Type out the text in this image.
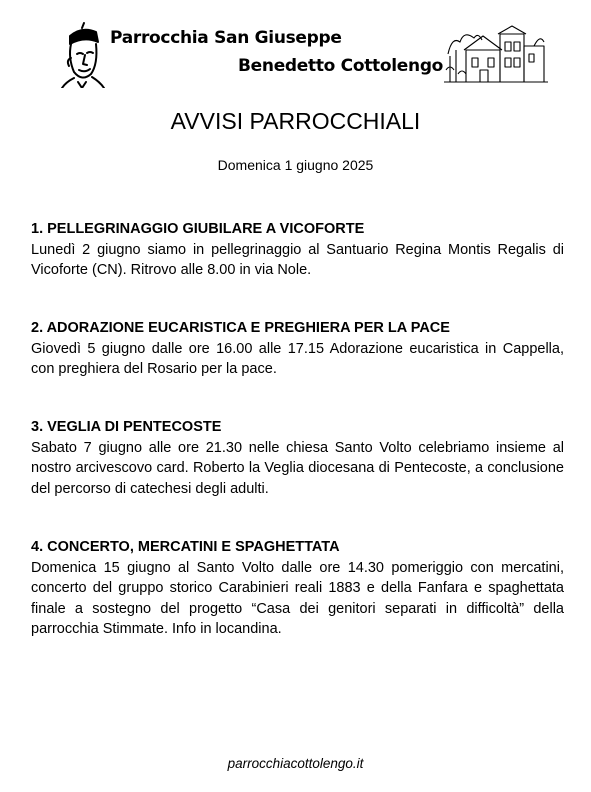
Parrocchia San Giuseppe
Benedetto Cottolengo
AVVISI PARROCCHIALI
Domenica 1 giugno 2025
1. PELLEGRINAGGIO GIUBILARE A VICOFORTE
Lunedì 2 giugno siamo in pellegrinaggio al Santuario Regina Montis Regalis di Vicoforte (CN). Ritrovo alle 8.00 in via Nole.
2. ADORAZIONE EUCARISTICA E PREGHIERA PER LA PACE
Giovedì 5 giugno dalle ore 16.00 alle 17.15 Adorazione eucaristica in Cappella, con preghiera del Rosario per la pace.
3. VEGLIA DI PENTECOSTE
Sabato 7 giugno alle ore 21.30 nelle chiesa Santo Volto celebriamo insieme al nostro arcivescovo card. Roberto la Veglia diocesana di Pentecoste, a conclusione del percorso di catechesi degli adulti.
4. CONCERTO, MERCATINI E SPAGHETTATA
Domenica 15 giugno al Santo Volto dalle ore 14.30 pomeriggio con mercatini, concerto del gruppo storico Carabinieri reali 1883 e della Fanfara e spaghettata finale a sostegno del progetto “Casa dei genitori separati in difficoltà” della parrocchia Stimmate. Info in locandina.
parrocchiacottolengo.it
